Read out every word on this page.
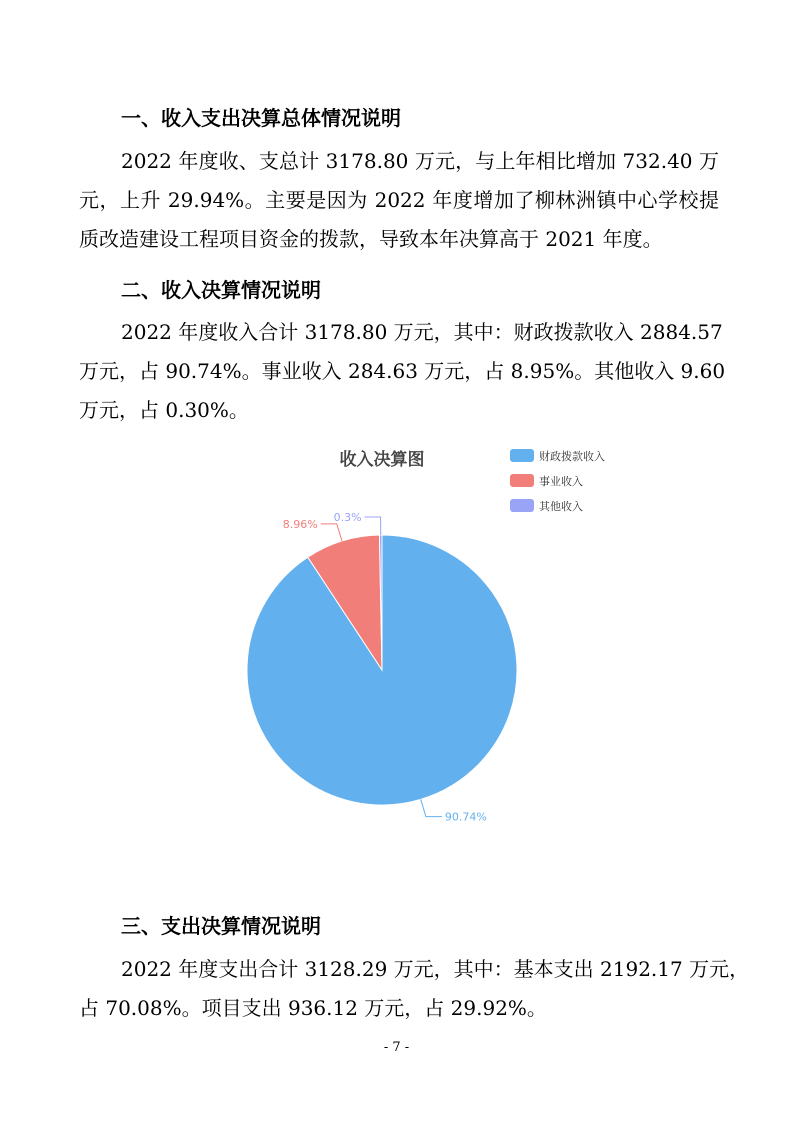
一、收入支出决算总体情况说明
2022 年度收、支总计 3178.80 万元，与上年相比增加 732.40 万
元，上升 29.94%。主要是因为 2022 年度增加了柳林洲镇中心学校提
质改造建设工程项目资金的拨款，导致本年决算高于 2021 年度。
二、收入决算情况说明
2022 年度收入合计 3178.80 万元，其中：财政拨款收入 2884.57
万元，占 90.74%。事业收入 284.63 万元，占 8.95%。其他收入 9.60
万元，占 0.30%。
收入决算图	财政拨款收入
事业收入
其他收入
90.74%
8.96%
0.3%
- 7 -
三、支出决算情况说明
2022 年度支出合计 3128.29 万元，其中：基本支出 2192.17 万元，
占 70.08%。项目支出 936.12 万元，占 29.92%。
